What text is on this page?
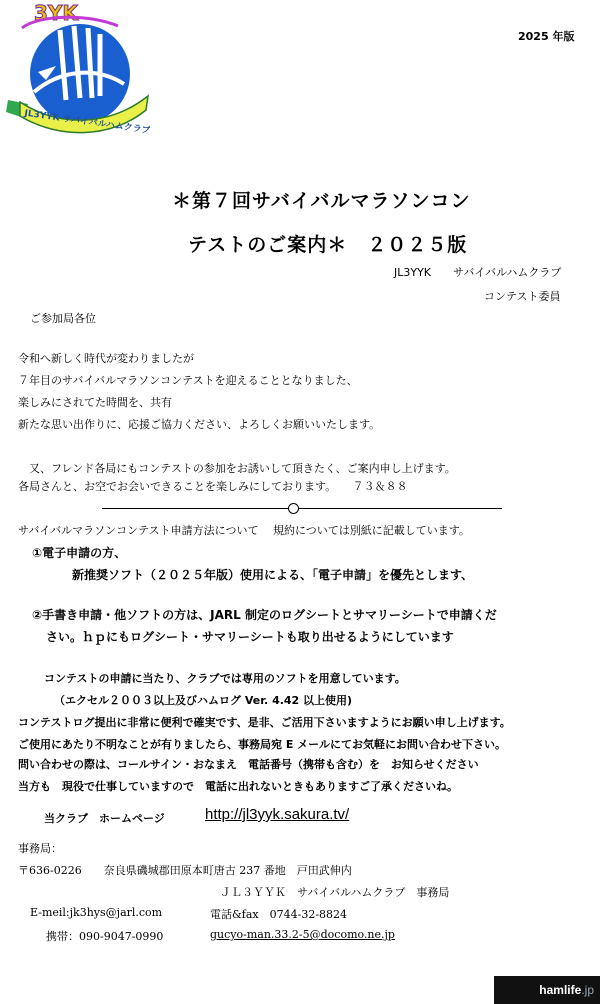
2025 年版
3YK
JL3YYK サバイバルハムクラブ
＊第７回サバイバルマラソンコン
テストのご案内＊　２０２５版
JL3YYK　　サバイバルハムクラブ
コンテスト委員
ご参加局各位
令和へ新しく時代が変わりましたが
７年目のサバイバルマラソンコンテストを迎えることとなりました、
楽しみにされてた時間を、共有
新たな思い出作りに、応援ご協力ください、よろしくお願いいたします。
　又、フレンド各局にもコンテストの参加をお誘いして頂きたく、ご案内申し上げます。
各局さんと、お空でお会いできることを楽しみにしております。　　７３＆８８
サバイバルマラソンコンテスト申請方法について　 規約については別紙に記載しています。
①電子申請の方、
新推奨ソフト（２０２５年版）使用による、「電子申請」を優先とします、
②手書き申請・他ソフトの方は、JARL 制定のログシートとサマリーシートで申請くだ
さい。ｈｐにもログシート・サマリーシートも取り出せるようにしています
コンテストの申請に当たり、クラブでは専用のソフトを用意しています。
（エクセル２００３以上及びハムログ Ver. 4.42 以上使用)
コンテストログ提出に非常に便利で確実です、是非、ご活用下さいますようにお願い申し上げます。
ご使用にあたり不明なことが有りましたら、事務局宛 E メールにてお気軽にお問い合わせ下さい。
問い合わせの際は、コールサイン・おなまえ　電話番号（携帯も含む）を　お知らせください
当方も　現役で仕事していますので　電話に出れないときもありますご了承くださいね。
当クラブ　ホームページ	http://jl3yyk.sakura.tv/
事務局：
〒636-0226　　奈良県磯城郡田原本町唐古 237 番地　戸田武伸内
ＪＬ３ＹＹＫ　サバイバルハムクラブ　事務局
E-meil:jk3hys@jarl.com	電話&fax　0744-32-8824
携帯：090-9047-0990	gucyo-man.33.2-5@docomo.ne.jp
hamlife .jp
